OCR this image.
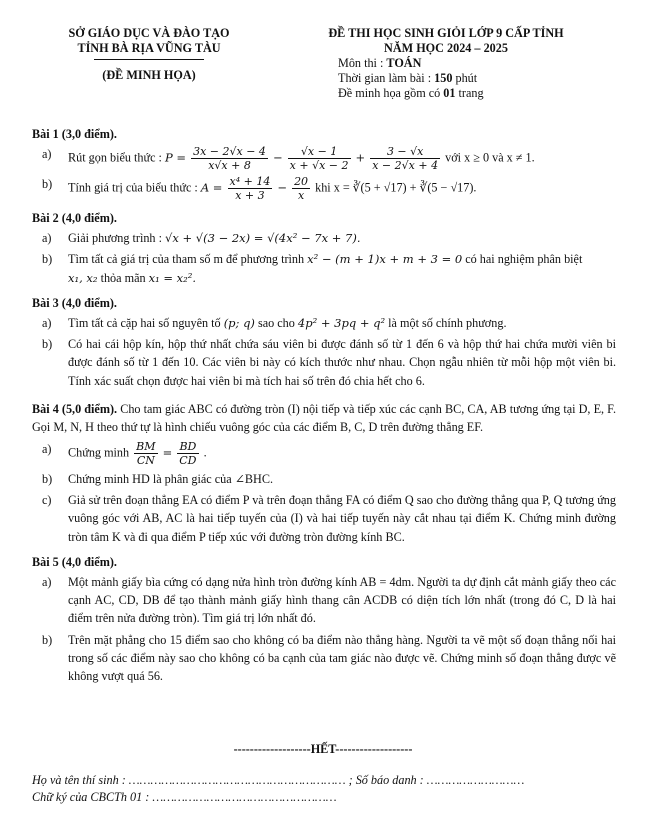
SỞ GIÁO DỤC VÀ ĐÀO TẠO
TỈNH BÀ RỊA VŨNG TÀU
(ĐỀ MINH HỌA)
ĐỀ THI HỌC SINH GIỎI LỚP 9 CẤP TỈNH
NĂM HỌC 2024 – 2025
Môn thi : TOÁN
Thời gian làm bài : 150 phút
Đề minh họa gồm có 01 trang
Bài 1 (3,0 điểm).
a)	Rút gọn biểu thức : $P = \frac{3x - 2√x - 4}{x√x + 8} - \frac{√x - 1}{x + √x - 2} + \frac{3 - √x}{x - 2√x + 4}$ với x ≥ 0 và x ≠ 1.
b)	Tính giá trị của biểu thức : $A = \frac{\text{x⁴ + 14}}{x + 3} - \frac{20}{x}$ khi x = ∛(5 + √17) + ∛(5 − √17).
Bài 2 (4,0 điểm).
a)	Giải phương trình : √x + √(3 − 2x) = √(4x² − 7x + 7).
b)	Tìm tất cả giá trị của tham số m để phương trình x² − (m + 1)x + m + 3 = 0 có hai nghiệm phân biệt
x₁, x₂ thỏa mãn x₁ = x₂².
Bài 3 (4,0 điểm).
a)	Tìm tất cả cặp hai số nguyên tố (p; q) sao cho 4p² + 3pq + q² là một số chính phương.
b)	Có hai cái hộp kín, hộp thứ nhất chứa sáu viên bi được đánh số từ 1 đến 6 và hộp thứ hai chứa mười viên bi được đánh số từ 1 đến 10. Các viên bi này có kích thước như nhau. Chọn ngẫu nhiên từ mỗi hộp một viên bi. Tính xác suất chọn được hai viên bi mà tích hai số trên đó chia hết cho 6.
Bài 4 (5,0 điểm). Cho tam giác ABC có đường tròn (I) nội tiếp và tiếp xúc các cạnh BC, CA, AB tương ứng tại D, E, F. Gọi M, N, H theo thứ tự là hình chiếu vuông góc của các điểm B, C, D trên đường thẳng EF.
a)	Chứng minh $\frac{BM}{CN} = \frac{BD}{CD}$ .
b)	Chứng minh HD là phân giác của ∠BHC.
c)	Giả sử trên đoạn thẳng EA có điểm P và trên đoạn thẳng FA có điểm Q sao cho đường thẳng qua P, Q tương ứng vuông góc với AB, AC là hai tiếp tuyến của (I) và hai tiếp tuyến này cắt nhau tại điểm K. Chứng minh đường tròn tâm K và đi qua điểm P tiếp xúc với đường tròn đường kính BC.
Bài 5 (4,0 điểm).
a)	Một mảnh giấy bìa cứng có dạng nửa hình tròn đường kính AB = 4dm. Người ta dự định cắt mảnh giấy theo các cạnh AC, CD, DB để tạo thành mảnh giấy hình thang cân ACDB có diện tích lớn nhất (trong đó C, D là hai điểm trên nửa đường tròn). Tìm giá trị lớn nhất đó.
b)	Trên mặt phẳng cho 15 điểm sao cho không có ba điểm nào thẳng hàng. Người ta vẽ một số đoạn thẳng nối hai trong số các điểm này sao cho không có ba cạnh của tam giác nào được vẽ. Chứng minh số đoạn thẳng được vẽ không vượt quá 56.
-------------------HẾT-------------------
Họ và tên thí sinh : …………………………………………………… ; Số báo danh : ………………………
Chữ ký của CBCTh 01 : ……………………………………………
